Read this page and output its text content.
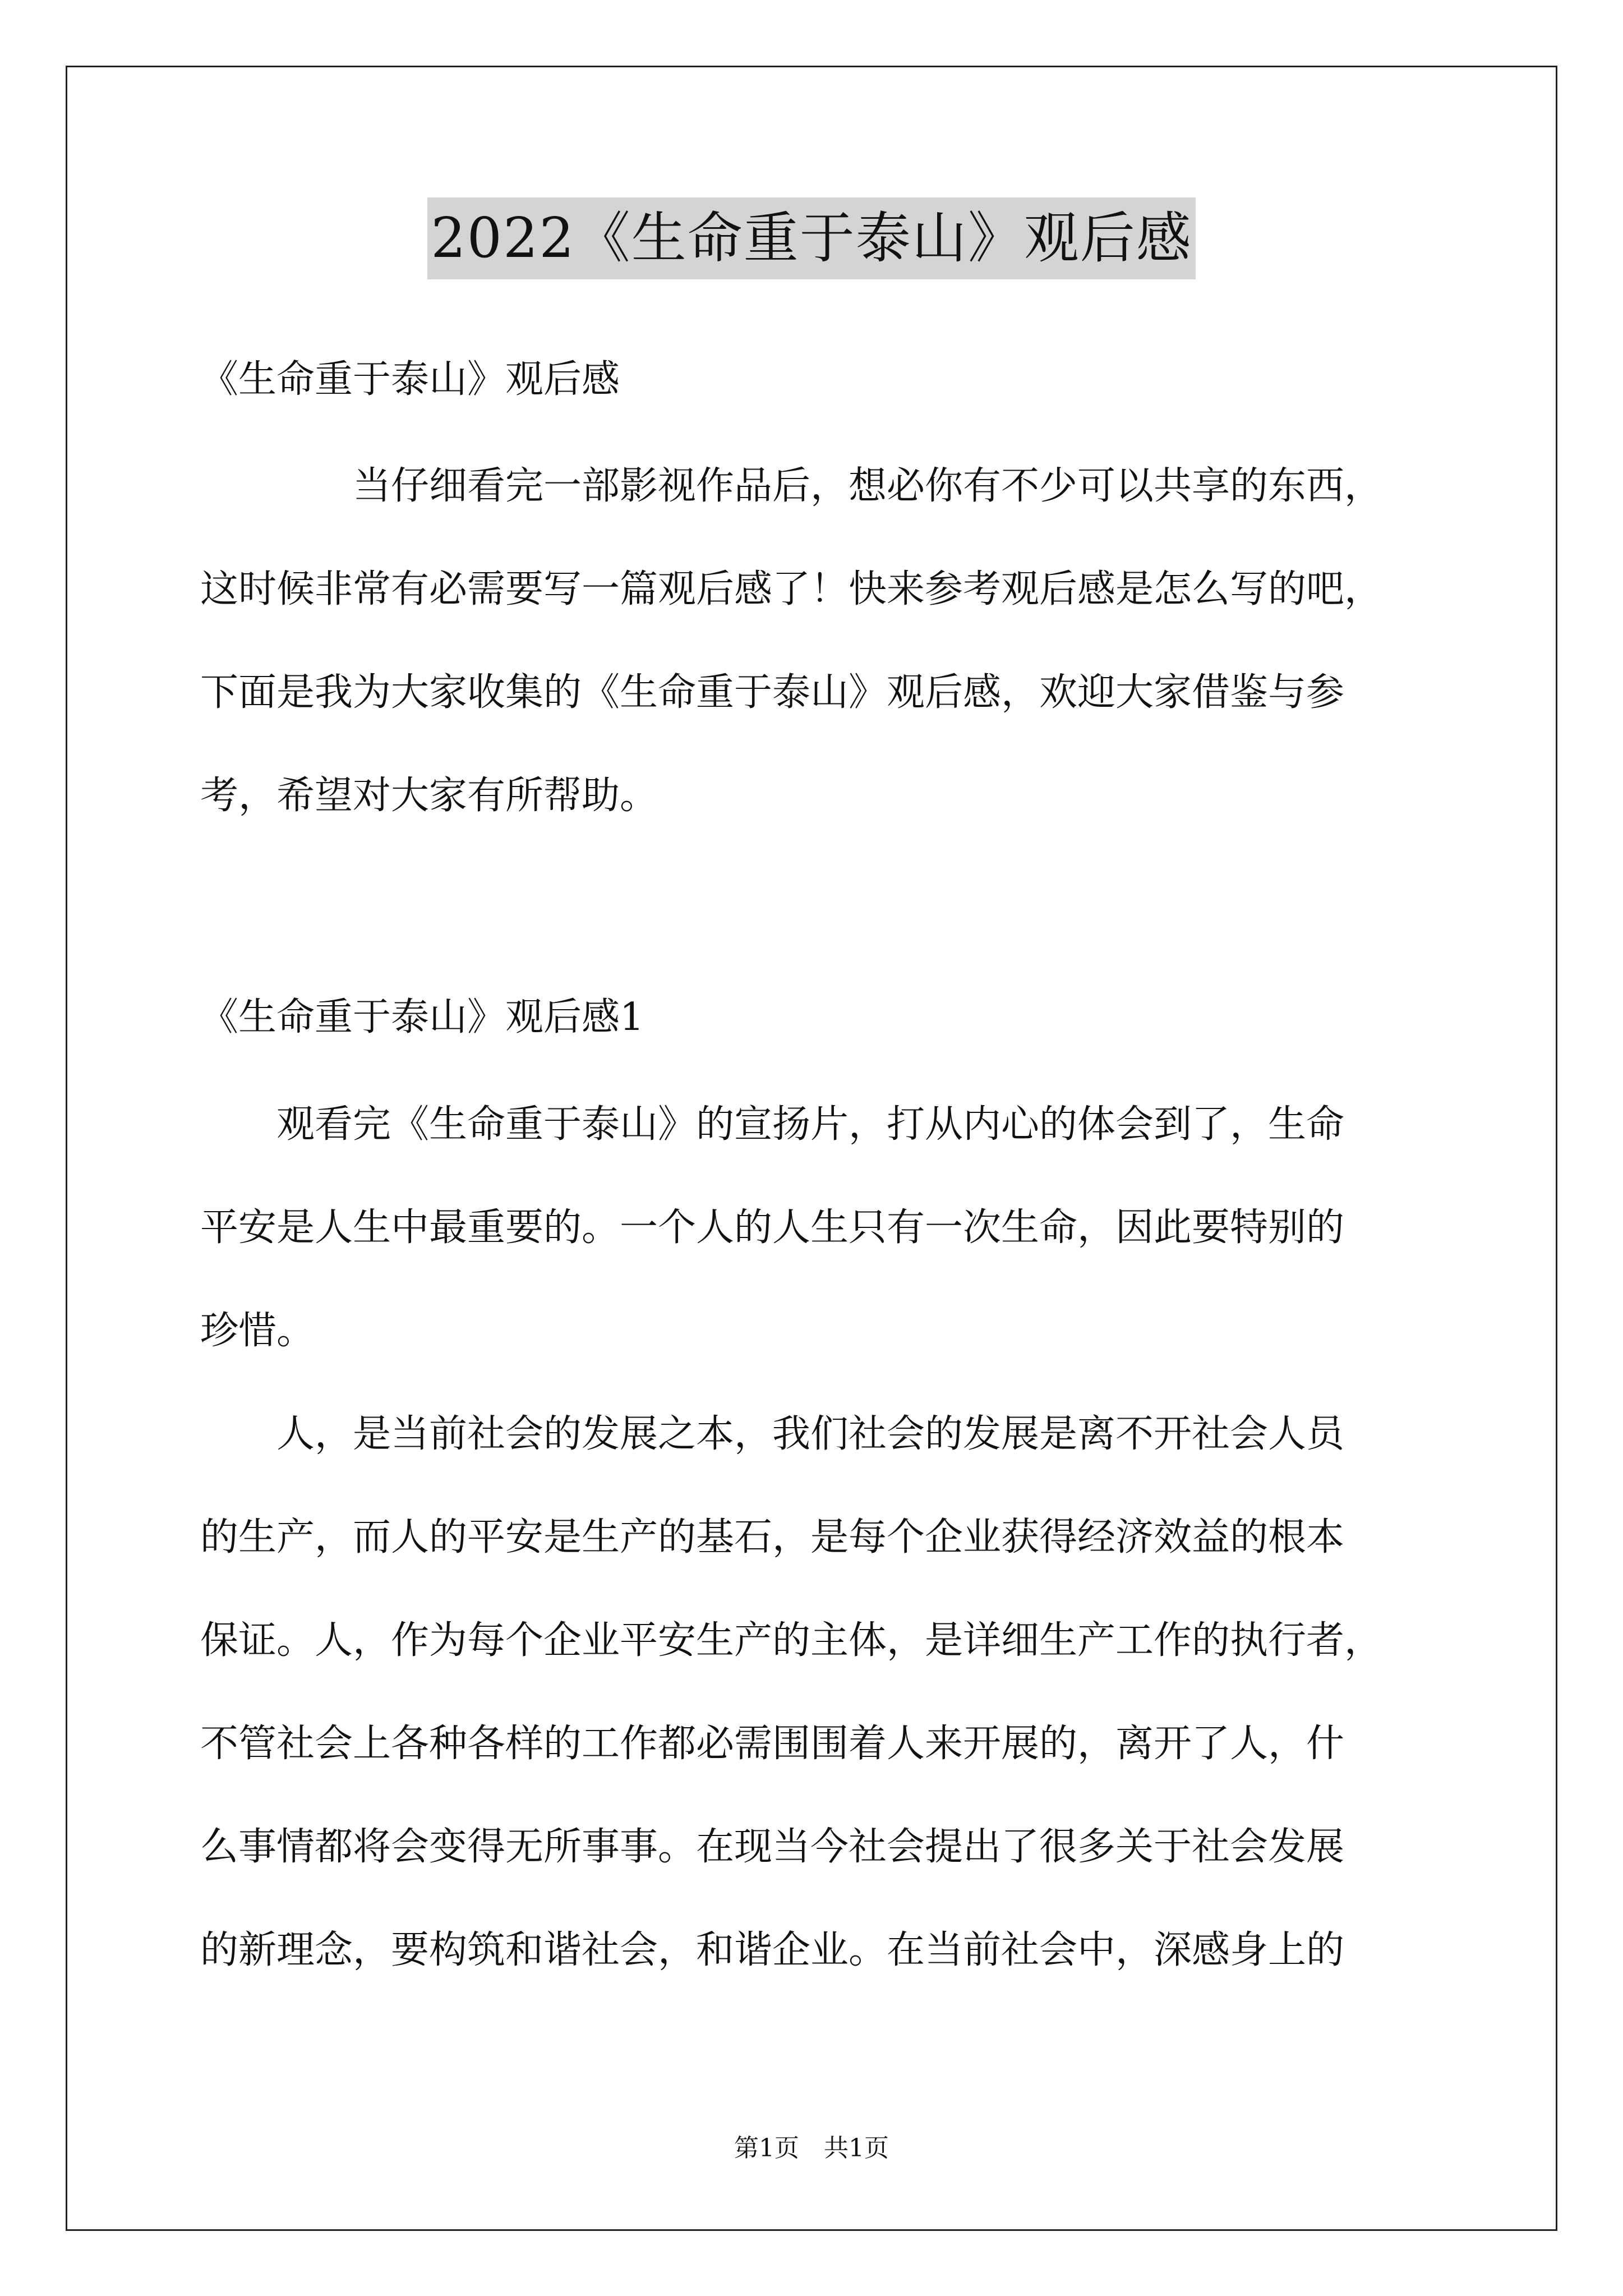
2022《生命重于泰山》观后感
《生命重于泰山》观后感
　　　　当仔细看完一部影视作品后，想必你有不少可以共享的东西，
这时候非常有必需要写一篇观后感了！快来参考观后感是怎么写的吧，
下面是我为大家收集的《生命重于泰山》观后感，欢迎大家借鉴与参
考，希望对大家有所帮助。
《生命重于泰山》观后感1
　　观看完《生命重于泰山》的宣扬片，打从内心的体会到了，生命
平安是人生中最重要的。一个人的人生只有一次生命，因此要特别的
珍惜。
　　人，是当前社会的发展之本，我们社会的发展是离不开社会人员
的生产，而人的平安是生产的基石，是每个企业获得经济效益的根本
保证。人，作为每个企业平安生产的主体，是详细生产工作的执行者，
不管社会上各种各样的工作都必需围围着人来开展的，离开了人，什
么事情都将会变得无所事事。在现当今社会提出了很多关于社会发展
的新理念，要构筑和谐社会，和谐企业。在当前社会中，深感身上的
第1页　共1页
